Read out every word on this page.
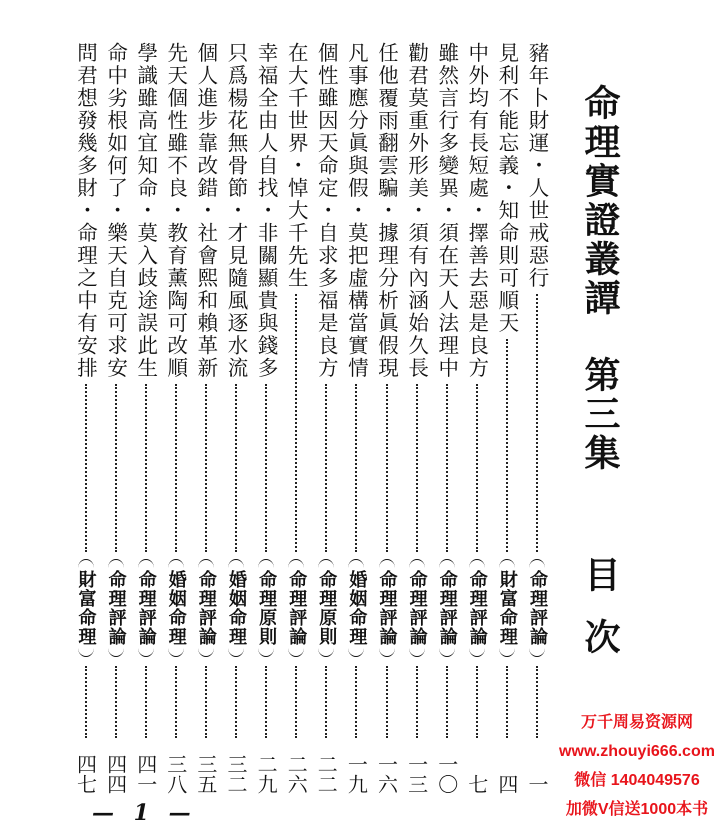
命理實證叢譚
第三集
目次
豬年卜財運・人世戒惡行
命理評論
一
見利不能忘義・知命則可順天
財富命理
四
中外均有長短處・擇善去惡是良方
命理評論
七
雖然言行多變異・須在天人法理中
命理評論
一〇
勸君莫重外形美・須有內涵始久長
命理評論
一三
任他覆雨翻雲騙・據理分析眞假現
命理評論
一六
凡事應分眞與假・莫把虛構當實情
婚姻命理
一九
個性雖因天命定・自求多福是良方
命理原則
二二
在大千世界・悼大千先生
命理評論
二六
幸福全由人自找・非關顯貴與錢多
命理原則
二九
只爲楊花無骨節・才見隨風逐水流
婚姻命理
三二
個人進步靠改錯・社會熙和賴革新
命理評論
三五
先天個性雖不良・教育薰陶可改順
婚姻命理
三八
學識雖高宜知命・莫入歧途誤此生
命理評論
四一
命中劣根如何了・樂天自克可求安
命理評論
四四
問君想發幾多財・命理之中有安排
財富命理
四七
— 1 —
万千周易资源网
www.zhouyi666.com
微信 1404049576
加微V信送1000本书
